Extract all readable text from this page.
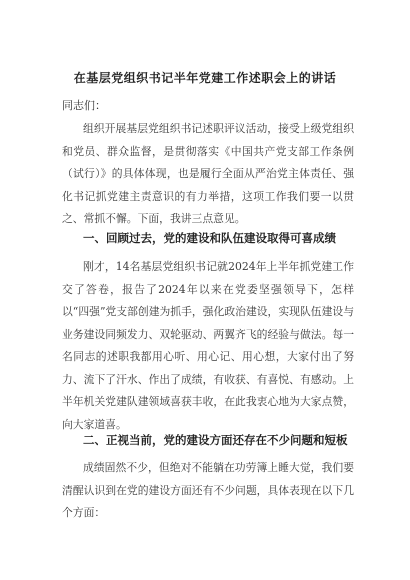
在基层党组织书记半年党建工作述职会上的讲话
同志们：
组织开展基层党组织书记述职评议活动，接受上级党组织和党员、群众监督，是贯彻落实《中国共产党支部工作条例（试行）》的具体体现，也是履行全面从严治党主体责任、强化书记抓党建主责意识的有力举措，这项工作我们要一以贯之、常抓不懈。下面，我讲三点意见。
一、回顾过去，党的建设和队伍建设取得可喜成绩
刚才，14名基层党组织书记就2024年上半年抓党建工作交了答卷，报告了2024年以来在党委坚强领导下，怎样以“四强”党支部创建为抓手，强化政治建设，实现队伍建设与业务建设同频发力、双轮驱动、两翼齐飞的经验与做法。每一名同志的述职我都用心听、用心记、用心想，大家付出了努力、流下了汗水、作出了成绩，有收获、有喜悦、有感动。上半年机关党建队建领域喜获丰收，在此我衷心地为大家点赞，向大家道喜。
二、正视当前，党的建设方面还存在不少问题和短板
成绩固然不少，但绝对不能躺在功劳簿上睡大觉，我们要清醒认识到在党的建设方面还有不少问题，具体表现在以下几个方面：
